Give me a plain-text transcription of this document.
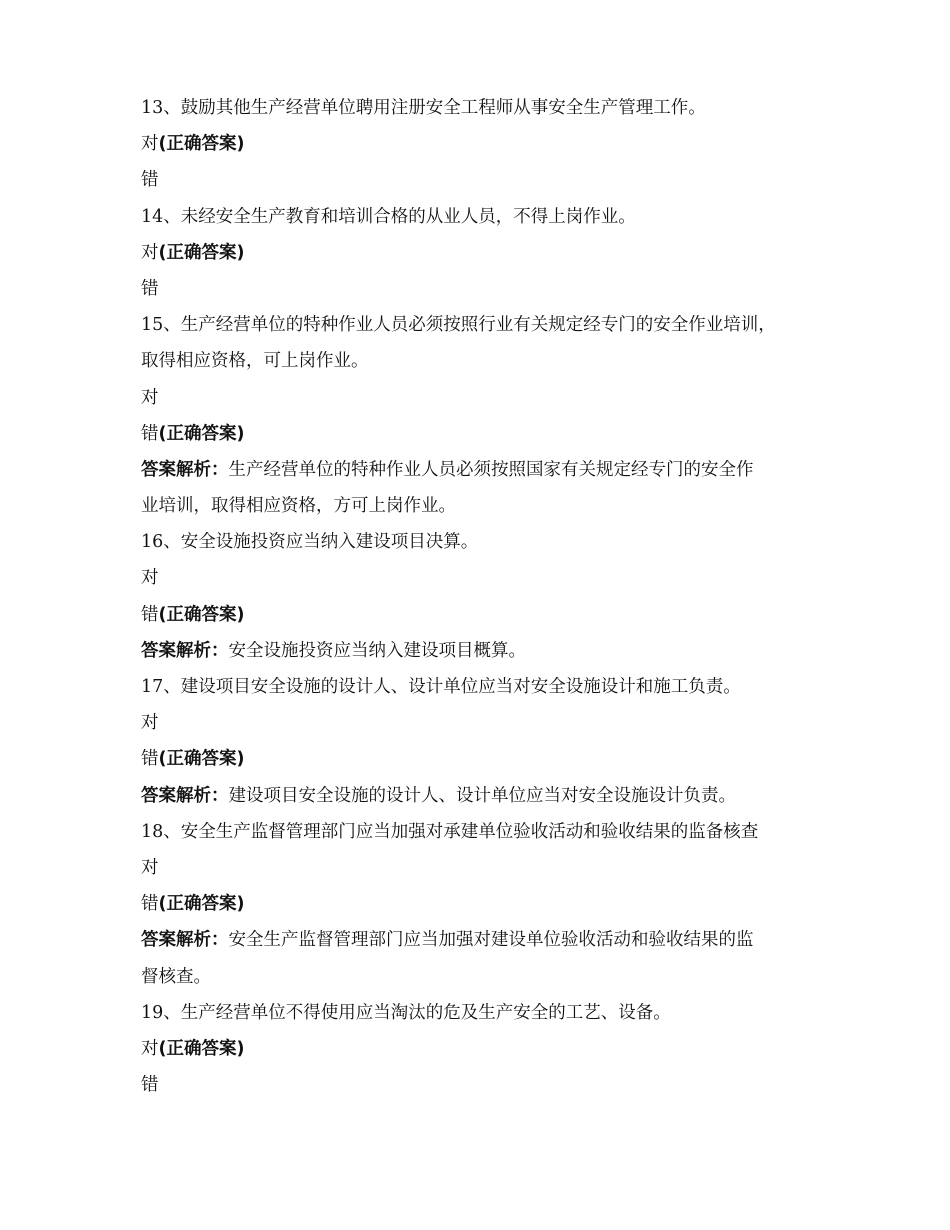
13、鼓励其他生产经营单位聘用注册安全工程师从事安全生产管理工作。
对(正确答案)
错
14、未经安全生产教育和培训合格的从业人员，不得上岗作业。
对(正确答案)
错
15、生产经营单位的特种作业人员必须按照行业有关规定经专门的安全作业培训，
取得相应资格，可上岗作业。
对
错(正确答案)
答案解析：生产经营单位的特种作业人员必须按照国家有关规定经专门的安全作
业培训，取得相应资格，方可上岗作业。
16、安全设施投资应当纳入建设项目决算。
对
错(正确答案)
答案解析：安全设施投资应当纳入建设项目概算。
17、建设项目安全设施的设计人、设计单位应当对安全设施设计和施工负责。
对
错(正确答案)
答案解析：建设项目安全设施的设计人、设计单位应当对安全设施设计负责。
18、安全生产监督管理部门应当加强对承建单位验收活动和验收结果的监备核查
对
错(正确答案)
答案解析：安全生产监督管理部门应当加强对建设单位验收活动和验收结果的监
督核查。
19、生产经营单位不得使用应当淘汰的危及生产安全的工艺、设备。
对(正确答案)
错
